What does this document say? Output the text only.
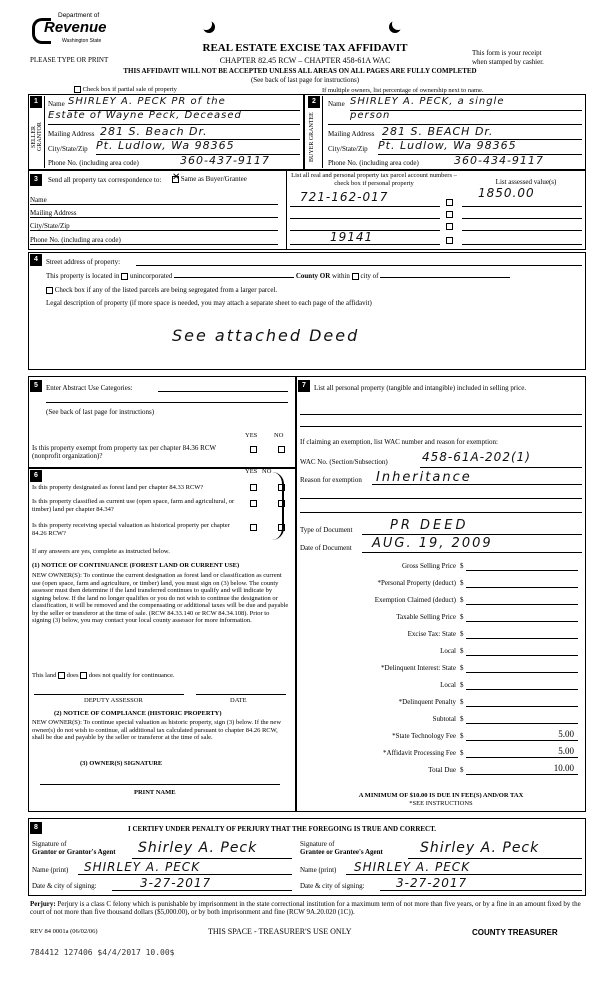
Department of
Revenue
Washington State
PLEASE TYPE OR PRINT
REAL ESTATE EXCISE TAX AFFIDAVIT
CHAPTER 82.45 RCW – CHAPTER 458-61A WAC
THIS AFFIDAVIT WILL NOT BE ACCEPTED UNLESS ALL AREAS ON ALL PAGES ARE FULLY COMPLETED
(See back of last page for instructions)
This form is your receipt
when stamped by cashier.
Check box if partial sale of property	If multiple owners, list percentage of ownership next to name.
1	2
SELLER GRANTOR	BUYER GRANTEE
Name SHIRLEY A. PECK PR of the
Estate of Wayne Peck, Deceased
Mailing Address 281 S. Beach Dr.
City/State/Zip Pt. Ludlow, Wa 98365
Phone No. (including area code)	360-437-9117
Name SHIRLEY A. PECK, a single
person
Mailing Address 281 S. BEACH Dr.
City/State/Zip Pt. Ludlow, Wa 98365
Phone No. (including area code)	360-434-9117
3	Send all property tax correspondence to: ✕ Same as Buyer/Grantee
Name
Mailing Address
City/State/Zip
Phone No. (including area code)
List all real and personal property tax parcel account numbers – check box if personal property	List assessed value(s)
721-162-017	1850.00
19141
4	Street address of property:
This property is located in unincorporated	County OR within city of
Check box if any of the listed parcels are being segregated from a larger parcel.
Legal description of property (if more space is needed, you may attach a separate sheet to each page of the affidavit)
See attached Deed
5	Enter Abstract Use Categories:
(See back of last page for instructions)
YES	NO
Is this property exempt from property tax per chapter 84.36 RCW (nonprofit organization)?
6
YES NO
Is this property designated as forest land per chapter 84.33 RCW?
Is this property classified as current use (open space, farm and agricultural, or timber) land per chapter 84.34?
Is this property receiving special valuation as historical property per chapter 84.26 RCW?
If any answers are yes, complete as instructed below.
(1) NOTICE OF CONTINUANCE (FOREST LAND OR CURRENT USE)
NEW OWNER(S): To continue the current designation as forest land or classification as current use (open space, farm and agriculture, or timber) land, you must sign on (3) below. The county assessor must then determine if the land transferred continues to qualify and will indicate by signing below. If the land no longer qualifies or you do not wish to continue the designation or classification, it will be removed and the compensating or additional taxes will be due and payable by the seller or transferor at the time of sale. (RCW 84.33.140 or RCW 84.34.108). Prior to signing (3) below, you may contact your local county assessor for more information.
This land does does not qualify for continuance.
DEPUTY ASSESSOR	DATE
(2) NOTICE OF COMPLIANCE (HISTORIC PROPERTY)
NEW OWNER(S): To continue special valuation as historic property, sign (3) below. If the new owner(s) do not wish to continue, all additional tax calculated pursuant to chapter 84.26 RCW, shall be due and payable by the seller or transferor at the time of sale.
(3) OWNER(S) SIGNATURE
PRINT NAME
7	List all personal property (tangible and intangible) included in selling price.
If claiming an exemption, list WAC number and reason for exemption:
WAC No. (Section/Subsection)	458-61A-202(1)
Reason for exemption Inheritance
Type of Document	PR DEED
Date of Document AUG. 19, 2009
Gross Selling Price $
*Personal Property (deduct) $
Exemption Claimed (deduct) $
Taxable Selling Price $
Excise Tax: State $
Local $
*Delinquent Interest: State $
Local $
*Delinquent Penalty $
Subtotal $
*State Technology Fee $	5.00
*Affidavit Processing Fee $	5.00
Total Due $	10.00
A MINIMUM OF $10.00 IS DUE IN FEE(S) AND/OR TAX
*SEE INSTRUCTIONS
8	I CERTIFY UNDER PENALTY OF PERJURY THAT THE FOREGOING IS TRUE AND CORRECT.
Signature of
Grantor or Grantor's Agent Shirley A. Peck
Name (print) SHIRLEY A. PECK
Date & city of signing:	3-27-2017
Signature of
Grantee or Grantee's Agent	Shirley A. Peck
Name (print) SHIRLEY A. PECK
Date & city of signing:	3-27-2017
Perjury: Perjury is a class C felony which is punishable by imprisonment in the state correctional institution for a maximum term of not more than five years, or by a fine in an amount fixed by the court of not more than five thousand dollars ($5,000.00), or by both imprisonment and fine (RCW 9A.20.020 (1C)).
REV 84 0001a (06/02/06)	THIS SPACE - TREASURER'S USE ONLY	COUNTY TREASURER
784412 127406 $4/4/2017 10.00$
